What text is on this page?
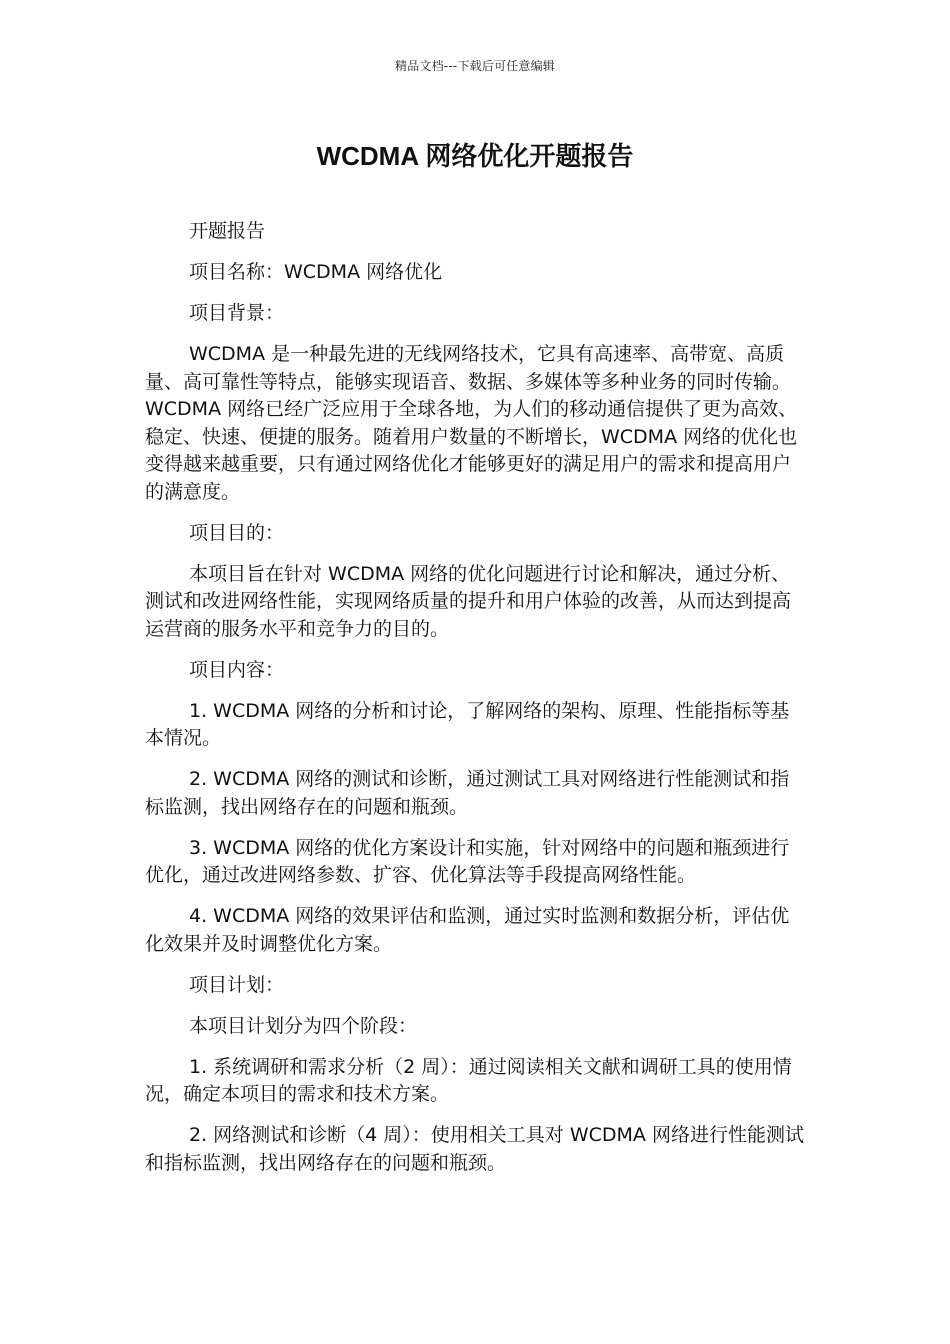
精品文档---下载后可任意编辑
WCDMA 网络优化开题报告

开题报告

项目名称：WCDMA 网络优化

项目背景：

WCDMA 是一种最先进的无线网络技术，它具有高速率、高带宽、高质量、高可靠性等特点，能够实现语音、数据、多媒体等多种业务的同时传输。WCDMA 网络已经广泛应用于全球各地，为人们的移动通信提供了更为高效、稳定、快速、便捷的服务。随着用户数量的不断增长，WCDMA 网络的优化也变得越来越重要，只有通过网络优化才能够更好的满足用户的需求和提高用户的满意度。

项目目的：

本项目旨在针对 WCDMA 网络的优化问题进行讨论和解决，通过分析、测试和改进网络性能，实现网络质量的提升和用户体验的改善，从而达到提高运营商的服务水平和竞争力的目的。

项目内容：

1. WCDMA 网络的分析和讨论，了解网络的架构、原理、性能指标等基本情况。

2. WCDMA 网络的测试和诊断，通过测试工具对网络进行性能测试和指标监测，找出网络存在的问题和瓶颈。

3. WCDMA 网络的优化方案设计和实施，针对网络中的问题和瓶颈进行优化，通过改进网络参数、扩容、优化算法等手段提高网络性能。

4. WCDMA 网络的效果评估和监测，通过实时监测和数据分析，评估优化效果并及时调整优化方案。

项目计划：

本项目计划分为四个阶段：

1. 系统调研和需求分析（2 周）：通过阅读相关文献和调研工具的使用情况，确定本项目的需求和技术方案。

2. 网络测试和诊断（4 周）：使用相关工具对 WCDMA 网络进行性能测试和指标监测，找出网络存在的问题和瓶颈。
